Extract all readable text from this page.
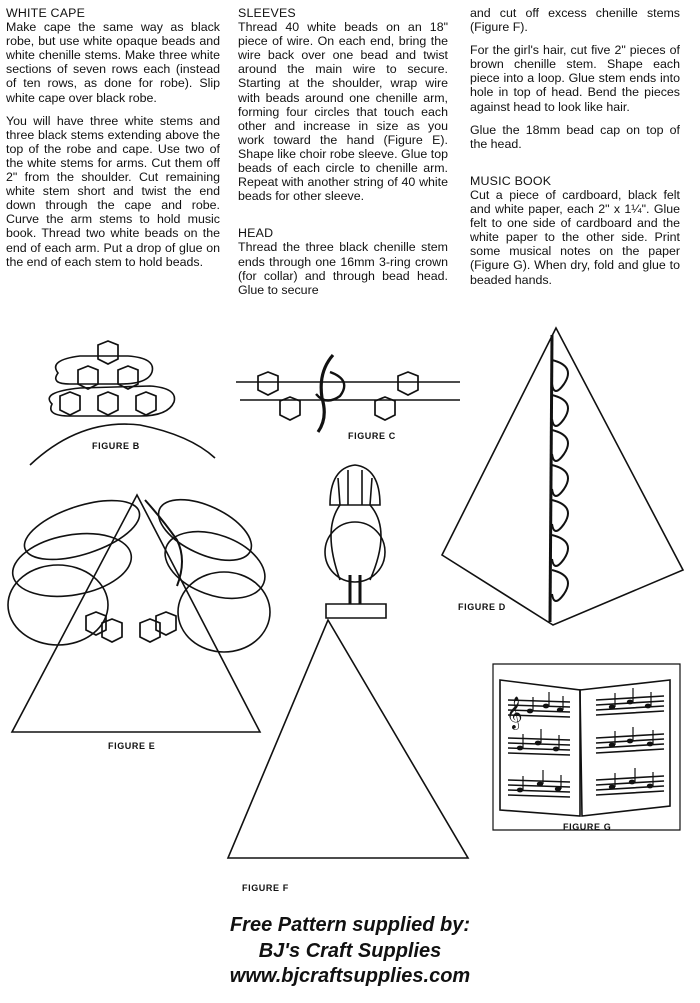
WHITE CAPE

Make cape the same way as black robe, but use white opaque beads and white chenille stems. Make three white sections of seven rows each (instead of ten rows, as done for robe). Slip white cape over black robe.

You will have three white stems and three black stems extending above the top of the robe and cape. Use two of the white stems for arms. Cut them off 2" from the shoulder. Cut remaining white stem short and twist the end down through the cape and robe. Curve the arm stems to hold music book. Thread two white beads on the end of each arm. Put a drop of glue on the end of each stem to hold beads.

SLEEVES

Thread 40 white beads on an 18" piece of wire. On each end, bring the wire back over one bead and twist around the main wire to secure. Starting at the shoulder, wrap wire with beads around one chenille arm, forming four circles that touch each other and increase in size as you work toward the hand (Figure E). Shape like choir robe sleeve. Glue top beads of each circle to chenille arm. Repeat with another string of 40 white beads for other sleeve.

HEAD

Thread the three black chenille stem ends through one 16mm 3-ring crown (for collar) and through bead head. Glue to secure

and cut off excess chenille stems (Figure F).

For the girl's hair, cut five 2" pieces of brown chenille stem. Shape each piece into a loop. Glue stem ends into hole in top of head. Bend the pieces against head to look like hair.

Glue the 18mm bead cap on top of the head.

MUSIC BOOK

Cut a piece of cardboard, black felt and white paper, each 2" x 1¼". Glue felt to one side of cardboard and the white paper to the other side. Print some musical notes on the paper (Figure G). When dry, fold and glue to beaded hands.

𝄞
FIGURE B
FIGURE C
FIGURE D
FIGURE E
FIGURE F
FIGURE G
Free Pattern supplied by:
BJ's Craft Supplies
www.bjcraftsupplies.com
